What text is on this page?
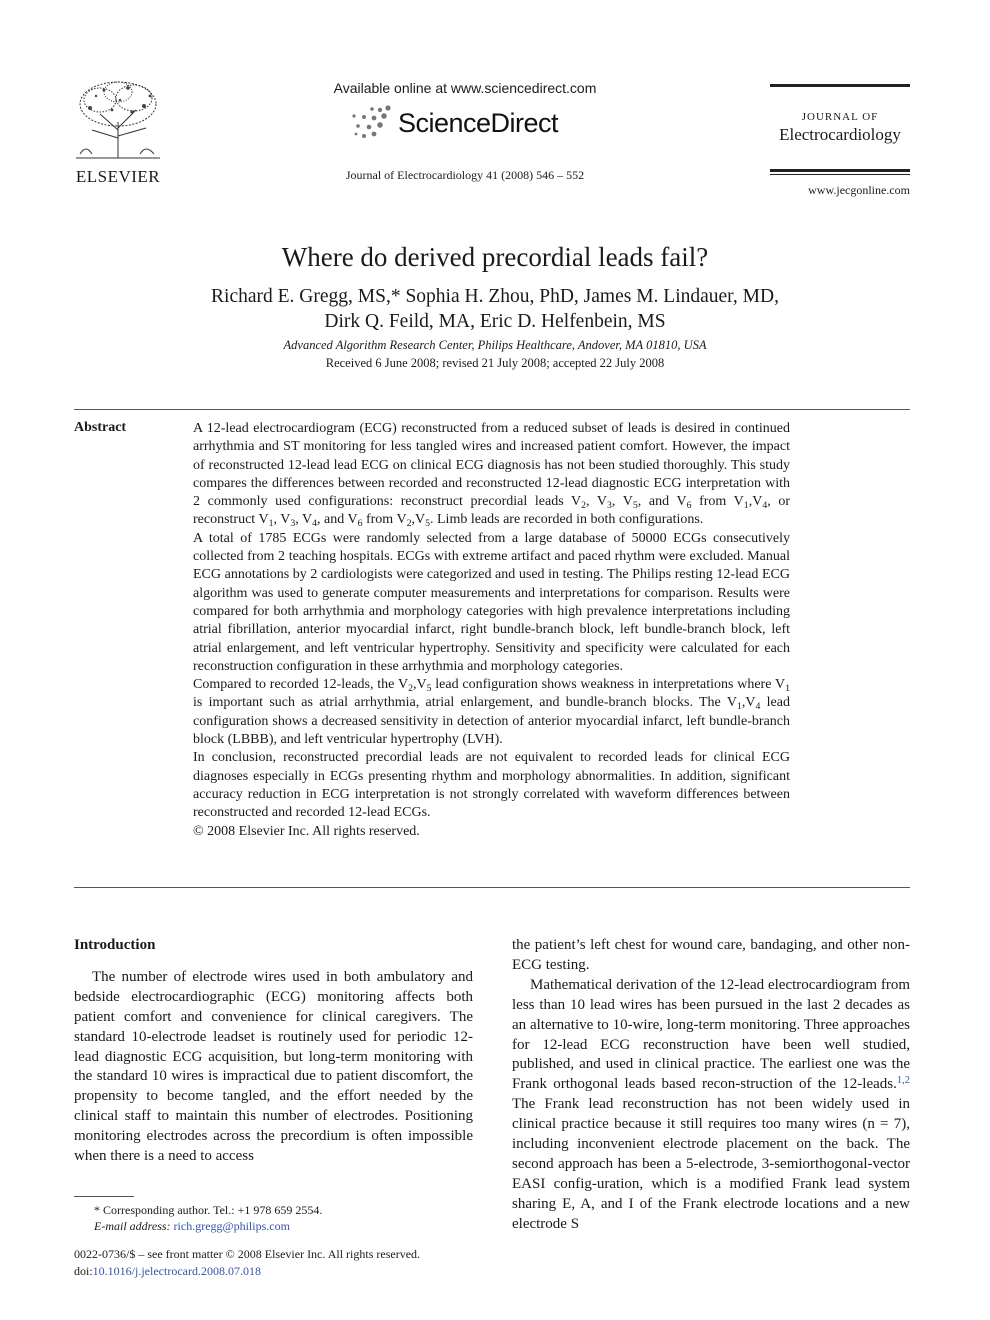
ELSEVIER
Available online at www.sciencedirect.com
ScienceDirect
Journal of Electrocardiology 41 (2008) 546 – 552
JOURNAL OF
Electrocardiology
www.jecgonline.com
Where do derived precordial leads fail?
Richard E. Gregg, MS,* Sophia H. Zhou, PhD, James M. Lindauer, MD,
Dirk Q. Feild, MA, Eric D. Helfenbein, MS
Advanced Algorithm Research Center, Philips Healthcare, Andover, MA 01810, USA
Received 6 June 2008; revised 21 July 2008; accepted 22 July 2008
Abstract	A 12-lead electrocardiogram (ECG) reconstructed from a reduced subset of leads is desired in continued arrhythmia and ST monitoring for less tangled wires and increased patient comfort. However, the impact of reconstructed 12-lead lead ECG on clinical ECG diagnosis has not been studied thoroughly. This study compares the differences between recorded and reconstructed 12-lead diagnostic ECG interpretation with 2 commonly used configurations: reconstruct precordial leads $V_2$, $V_3$, $V_5$, and $V_6$ from $V_1,V_4$, or reconstruct $V_1$, $V_3$, $V_4$, and $V_6$ from $V_2,V_5$. Limb leads are recorded in both configurations.

A total of 1785 ECGs were randomly selected from a large database of 50000 ECGs consecutively collected from 2 teaching hospitals. ECGs with extreme artifact and paced rhythm were excluded. Manual ECG annotations by 2 cardiologists were categorized and used in testing. The Philips resting 12-lead ECG algorithm was used to generate computer measurements and interpretations for comparison. Results were compared for both arrhythmia and morphology categories with high prevalence interpretations including atrial fibrillation, anterior myocardial infarct, right bundle-branch block, left bundle-branch block, left atrial enlargement, and left ventricular hypertrophy. Sensitivity and specificity were calculated for each reconstruction configuration in these arrhythmia and morphology categories.

Compared to recorded 12-leads, the $V_2,V_5$ lead configuration shows weakness in interpretations where $V_1$ is important such as atrial arrhythmia, atrial enlargement, and bundle-branch blocks. The $V_1,V_4$ lead configuration shows a decreased sensitivity in detection of anterior myocardial infarct, left bundle-branch block (LBBB), and left ventricular hypertrophy (LVH).

In conclusion, reconstructed precordial leads are not equivalent to recorded leads for clinical ECG diagnoses especially in ECGs presenting rhythm and morphology abnormalities. In addition, significant accuracy reduction in ECG interpretation is not strongly correlated with waveform differences between reconstructed and recorded 12-lead ECGs.

© 2008 Elsevier Inc. All rights reserved.

Introduction

The number of electrode wires used in both ambulatory and bedside electrocardiographic (ECG) monitoring affects both patient comfort and convenience for clinical caregivers. The standard 10-electrode leadset is routinely used for periodic 12-lead diagnostic ECG acquisition, but long-term monitoring with the standard 10 wires is impractical due to patient discomfort, the propensity to become tangled, and the effort needed by the clinical staff to maintain this number of electrodes. Positioning monitoring electrodes across the precordium is often impossible when there is a need to access

the patient’s left chest for wound care, bandaging, and other non-ECG testing.

Mathematical derivation of the 12-lead electrocardiogram from less than 10 lead wires has been pursued in the last 2 decades as an alternative to 10-wire, long-term monitoring. Three approaches for 12-lead ECG reconstruction have been well studied, published, and used in clinical practice. The earliest one was the Frank orthogonal leads based recon-struction of the 12-leads.$^{1,2}$ The Frank lead reconstruction has not been widely used in clinical practice because it still requires too many wires (n = 7), including inconvenient electrode placement on the back. The second approach has been a 5-electrode, 3-semiorthogonal-vector EASI config-uration, which is a modified Frank lead system sharing E, A, and I of the Frank electrode locations and a new electrode S

* Corresponding author. Tel.: +1 978 659 2554.
E-mail address: rich.gregg@philips.com
0022-0736/$ – see front matter © 2008 Elsevier Inc. All rights reserved.
doi:10.1016/j.jelectrocard.2008.07.018
